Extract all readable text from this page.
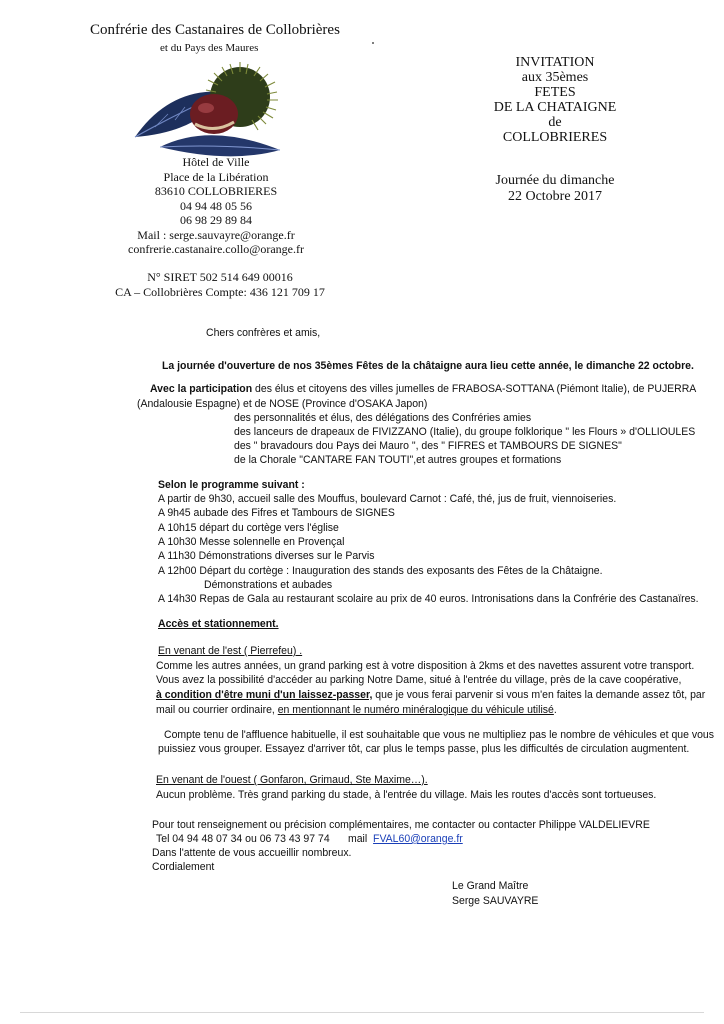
Confrérie des Castanaires de Collobrières
et du Pays des Maures
Hôtel de Ville
Place de la Libération
83610 COLLOBRIERES
04 94 48 05 56
06 98 29 89 84
Mail : serge.sauvayre@orange.fr
confrerie.castanaire.collo@orange.fr
N° SIRET 502 514 649 00016
CA – Collobrières Compte: 436 121 709 17
INVITATION
aux 35èmes
FETES
DE LA CHATAIGNE
de
COLLOBRIERES
Journée du dimanche
22 Octobre 2017
Chers confrères et amis,
La journée d'ouverture de nos 35èmes Fêtes de la châtaigne aura lieu cette année, le dimanche 22 octobre.
Avec la participation des élus et citoyens des villes jumelles de FRABOSA-SOTTANA (Piémont Italie), de PUJERRA
(Andalousie Espagne) et de NOSE (Province d'OSAKA Japon)
des personnalités et élus, des délégations des Confréries amies
des lanceurs de drapeaux de FIVIZZANO (Italie), du groupe folklorique " les Flours » d'OLLIOULES
des " bravadours dou Pays dei Mauro ", des " FIFRES et TAMBOURS DE SIGNES"
de la Chorale "CANTARE FAN TOUTI",et autres groupes et formations
Selon le programme suivant :
A partir de 9h30, accueil salle des Mouffus, boulevard Carnot : Café, thé, jus de fruit, viennoiseries.
A 9h45 aubade des Fifres et Tambours de SIGNES
A 10h15 départ du cortège vers l'église
A 10h30 Messe solennelle en Provençal
A 11h30 Démonstrations diverses sur le Parvis
A 12h00 Départ du cortège : Inauguration des stands des exposants des Fêtes de la Châtaigne.
Démonstrations et aubades
A 14h30 Repas de Gala au restaurant scolaire au prix de 40 euros. Intronisations dans la Confrérie des Castanaïres.
Accès et stationnement.
En venant de l'est ( Pierrefeu) .
Comme les autres années, un grand parking est à votre disposition à 2kms et des navettes assurent votre transport.
Vous avez la possibilité d'accéder au parking Notre Dame, situé à l'entrée du village, près de la cave coopérative,
à condition d'être muni d'un laissez-passer, que je vous ferai parvenir si vous m'en faites la demande assez tôt, par
mail ou courrier ordinaire, en mentionnant le numéro minéralogique du véhicule utilisé.
Compte tenu de l'affluence habituelle, il est souhaitable que vous ne multipliez pas le nombre de véhicules et que vous
puissiez vous grouper. Essayez d'arriver tôt, car plus le temps passe, plus les difficultés de circulation augmentent.
En venant de l'ouest ( Gonfaron, Grimaud, Ste Maxime…).
Aucun problème. Très grand parking du stade, à l'entrée du village. Mais les routes d'accès sont tortueuses.
Pour tout renseignement ou précision complémentaires, me contacter ou contacter Philippe VALDELIEVRE
Tel 04 94 48 07 34 ou 06 73 43 97 74 mail FVAL60@orange.fr
Dans l'attente de vous accueillir nombreux.
Cordialement
Le Grand Maître
Serge SAUVAYRE
